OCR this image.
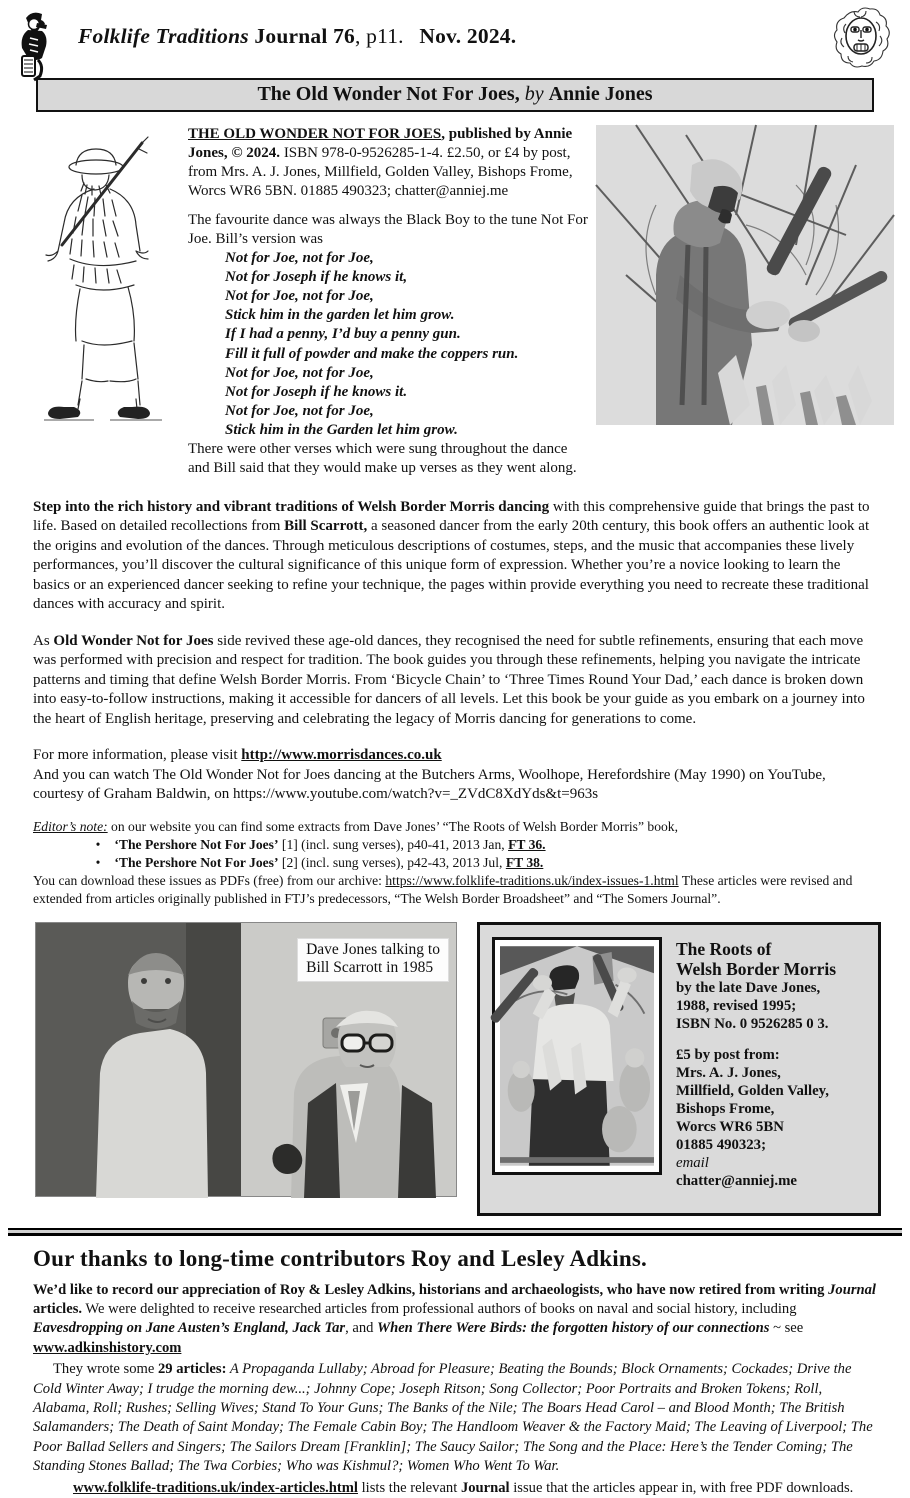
Folklife Traditions Journal 76, p11. Nov. 2024.
The Old Wonder Not For Joes, by Annie Jones

THE OLD WONDER NOT FOR JOES, published by Annie Jones, © 2024. ISBN 978-0-9526285-1-4. £2.50, or £4 by post, from Mrs. A. J. Jones, Millfield, Golden Valley, Bishops Frome, Worcs WR6 5BN. 01885 490323; chatter@anniej.me

The favourite dance was always the Black Boy to the tune Not For Joe. Bill’s version was

Not for Joe, not for Joe,
Not for Joseph if he knows it,
Not for Joe, not for Joe,
Stick him in the garden let him grow.
If I had a penny, I’d buy a penny gun.
Fill it full of powder and make the coppers run.
Not for Joe, not for Joe,
Not for Joseph if he knows it.
Not for Joe, not for Joe,
Stick him in the Garden let him grow.

There were other verses which were sung throughout the dance and Bill said that they would make up verses as they went along.

Step into the rich history and vibrant traditions of Welsh Border Morris dancing with this comprehensive guide that brings the past to life. Based on detailed recollections from Bill Scarrott, a seasoned dancer from the early 20th century, this book offers an authentic look at the origins and evolution of the dances. Through meticulous descriptions of costumes, steps, and the music that accompanies these lively performances, you’ll discover the cultural significance of this unique form of expression. Whether you’re a novice looking to learn the basics or an experienced dancer seeking to refine your technique, the pages within provide everything you need to recreate these traditional dances with accuracy and spirit.

As Old Wonder Not for Joes side revived these age-old dances, they recognised the need for subtle refinements, ensuring that each move was performed with precision and respect for tradition. The book guides you through these refinements, helping you navigate the intricate patterns and timing that define Welsh Border Morris. From ‘Bicycle Chain’ to ‘Three Times Round Your Dad,’ each dance is broken down into easy-to-follow instructions, making it accessible for dancers of all levels. Let this book be your guide as you embark on a journey into the heart of English heritage, preserving and celebrating the legacy of Morris dancing for generations to come.

For more information, please visit http://www.morrisdances.co.uk
And you can watch The Old Wonder Not for Joes dancing at the Butchers Arms, Woolhope, Herefordshire (May 1990) on YouTube, courtesy of Graham Baldwin, on https://www.youtube.com/watch?v=_ZVdC8XdYds&t=963s

Editor’s note: on our website you can find some extracts from Dave Jones’ “The Roots of Welsh Border Morris” book,
• ‘The Pershore Not For Joes’ [1] (incl. sung verses), p40-41, 2013 Jan, FT 36.
• ‘The Pershore Not For Joes’ [2] (incl. sung verses), p42-43, 2013 Jul, FT 38.
You can download these issues as PDFs (free) from our archive: https://www.folklife-traditions.uk/index-issues-1.html These articles were revised and extended from articles originally published in FTJ’s predecessors, “The Welsh Border Broadsheet” and “The Somers Journal”.
Dave Jones talking to
Bill Scarrott in 1985
The Roots of
Welsh Border Morris
by the late Dave Jones,
1988, revised 1995;
ISBN No. 0 9526285 0 3.
£5 by post from:
Mrs. A. J. Jones,
Millfield, Golden Valley,
Bishops Frome,
Worcs WR6 5BN
01885 490323;
email
chatter@anniej.me
Our thanks to long-time contributors Roy and Lesley Adkins.

We’d like to record our appreciation of Roy & Lesley Adkins, historians and archaeologists, who have now retired from writing Journal articles. We were delighted to receive researched articles from professional authors of books on naval and social history, including Eavesdropping on Jane Austen’s England, Jack Tar, and When There Were Birds: the forgotten history of our connections ~ see www.adkinshistory.com

They wrote some 29 articles: A Propaganda Lullaby; Abroad for Pleasure; Beating the Bounds; Block Ornaments; Cockades; Drive the Cold Winter Away; I trudge the morning dew...; Johnny Cope; Joseph Ritson; Song Collector; Poor Portraits and Broken Tokens; Roll, Alabama, Roll; Rushes; Selling Wives; Stand To Your Guns; The Banks of the Nile; The Boars Head Carol – and Blood Month; The British Salamanders; The Death of Saint Monday; The Female Cabin Boy; The Handloom Weaver & the Factory Maid; The Leaving of Liverpool; The Poor Ballad Sellers and Singers; The Sailors Dream [Franklin]; The Saucy Sailor; The Song and the Place: Here’s the Tender Coming; The Standing Stones Ballad; The Twa Corbies; Who was Kishmul?; Women Who Went To War.

www.folklife-traditions.uk/index-articles.html lists the relevant Journal issue that the articles appear in, with free PDF downloads.
